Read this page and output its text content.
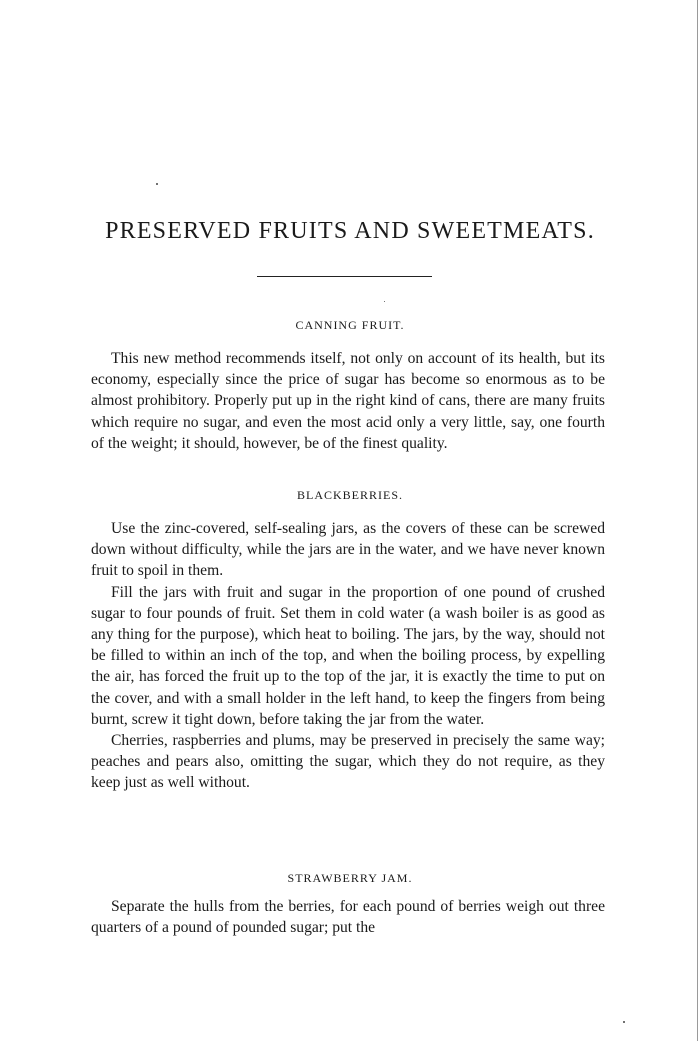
PRESERVED FRUITS AND SWEETMEATS.
CANNING FRUIT.

This new method recommends itself, not only on account of its health, but its economy, especially since the price of sugar has become so enormous as to be almost prohibitory. Properly put up in the right kind of cans, there are many fruits which require no sugar, and even the most acid only a very little, say, one fourth of the weight; it should, however, be of the finest quality.

BLACKBERRIES.

Use the zinc-covered, self-sealing jars, as the covers of these can be screwed down without difficulty, while the jars are in the water, and we have never known fruit to spoil in them.

Fill the jars with fruit and sugar in the proportion of one pound of crushed sugar to four pounds of fruit. Set them in cold water (a wash boiler is as good as any thing for the purpose), which heat to boiling. The jars, by the way, should not be filled to within an inch of the top, and when the boiling process, by expelling the air, has forced the fruit up to the top of the jar, it is exactly the time to put on the cover, and with a small holder in the left hand, to keep the fingers from being burnt, screw it tight down, before taking the jar from the water.

Cherries, raspberries and plums, may be preserved in precisely the same way; peaches and pears also, omitting the sugar, which they do not require, as they keep just as well without.

STRAWBERRY JAM.

Separate the hulls from the berries, for each pound of berries weigh out three quarters of a pound of pounded sugar; put the
